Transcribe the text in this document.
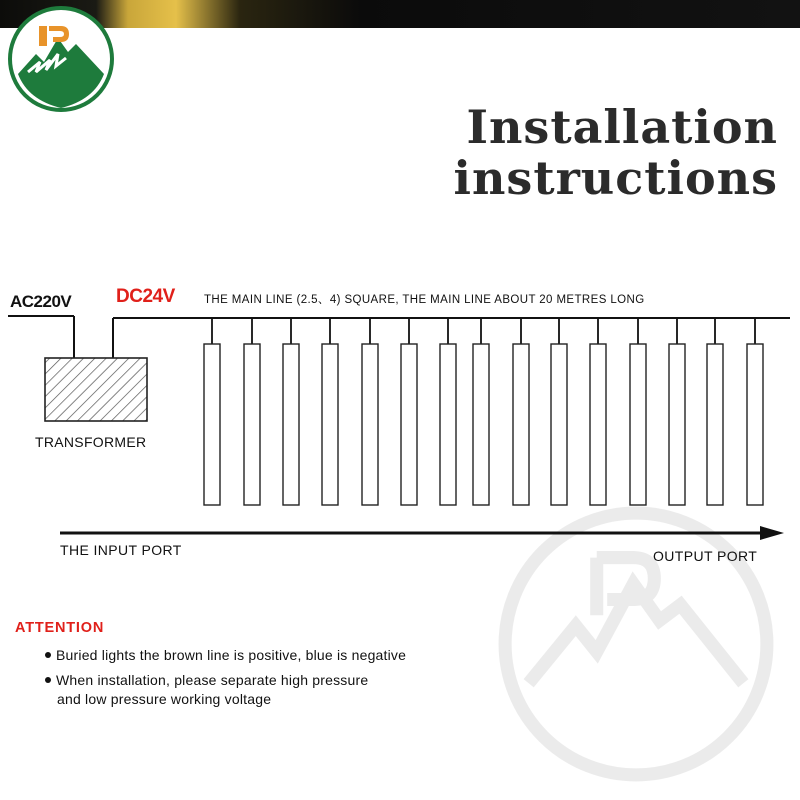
Installation
instructions
AC220V DC24V	THE MAIN LINE (2.5、4) SQUARE, THE MAIN LINE ABOUT 20 METRES LONG
TRANSFORMER
THE INPUT PORT	OUTPUT PORT
ATTENTION
Buried lights the brown line is positive, blue is negative
When installation, please separate high pressure
and low pressure working voltage
